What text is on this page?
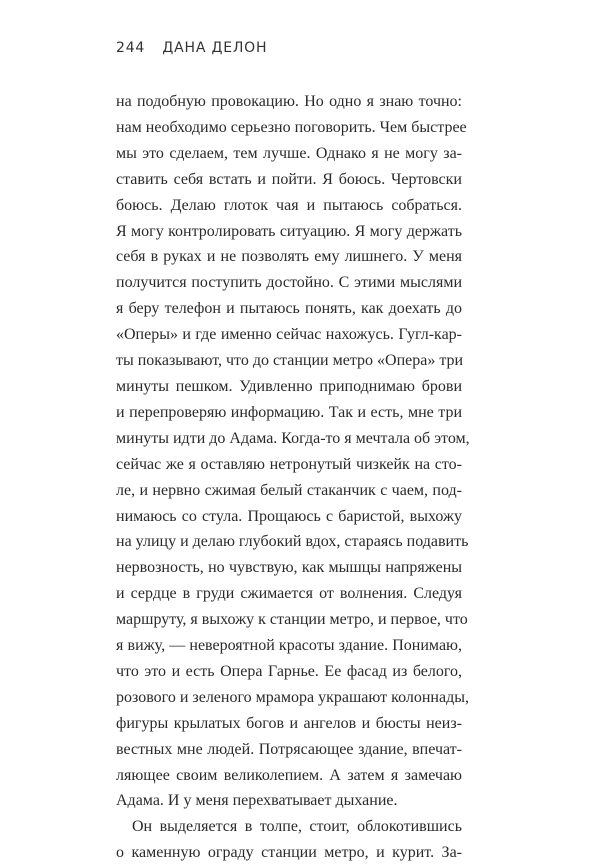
244 ДАНА ДЕЛОН
на подобную провокацию. Но одно я знаю точно:
нам необходимо серьезно поговорить. Чем быстрее
мы это сделаем, тем лучше. Однако я не могу за-
ставить себя встать и пойти. Я боюсь. Чертовски
боюсь. Делаю глоток чая и пытаюсь собраться.
Я могу контролировать ситуацию. Я могу держать
себя в руках и не позволять ему лишнего. У меня
получится поступить достойно. С этими мыслями
я беру телефон и пытаюсь понять, как доехать до
«Оперы» и где именно сейчас нахожусь. Гугл-кар-
ты показывают, что до станции метро «Опера» три
минуты пешком. Удивленно приподнимаю брови
и перепроверяю информацию. Так и есть, мне три
минуты идти до Адама. Когда-то я мечтала об этом,
сейчас же я оставляю нетронутый чизкейк на сто-
ле, и нервно сжимая белый стаканчик с чаем, под-
нимаюсь со стула. Прощаюсь с баристой, выхожу
на улицу и делаю глубокий вдох, стараясь подавить
нервозность, но чувствую, как мышцы напряжены
и сердце в груди сжимается от волнения. Следуя
маршруту, я выхожу к станции метро, и первое, что
я вижу, — невероятной красоты здание. Понимаю,
что это и есть Опера Гарнье. Ее фасад из белого,
розового и зеленого мрамора украшают колоннады,
фигуры крылатых богов и ангелов и бюсты неиз-
вестных мне людей. Потрясающее здание, впечат-
ляющее своим великолепием. А затем я замечаю
Адама. И у меня перехватывает дыхание.
Он выделяется в толпе, стоит, облокотившись
о каменную ограду станции метро, и курит. За-
